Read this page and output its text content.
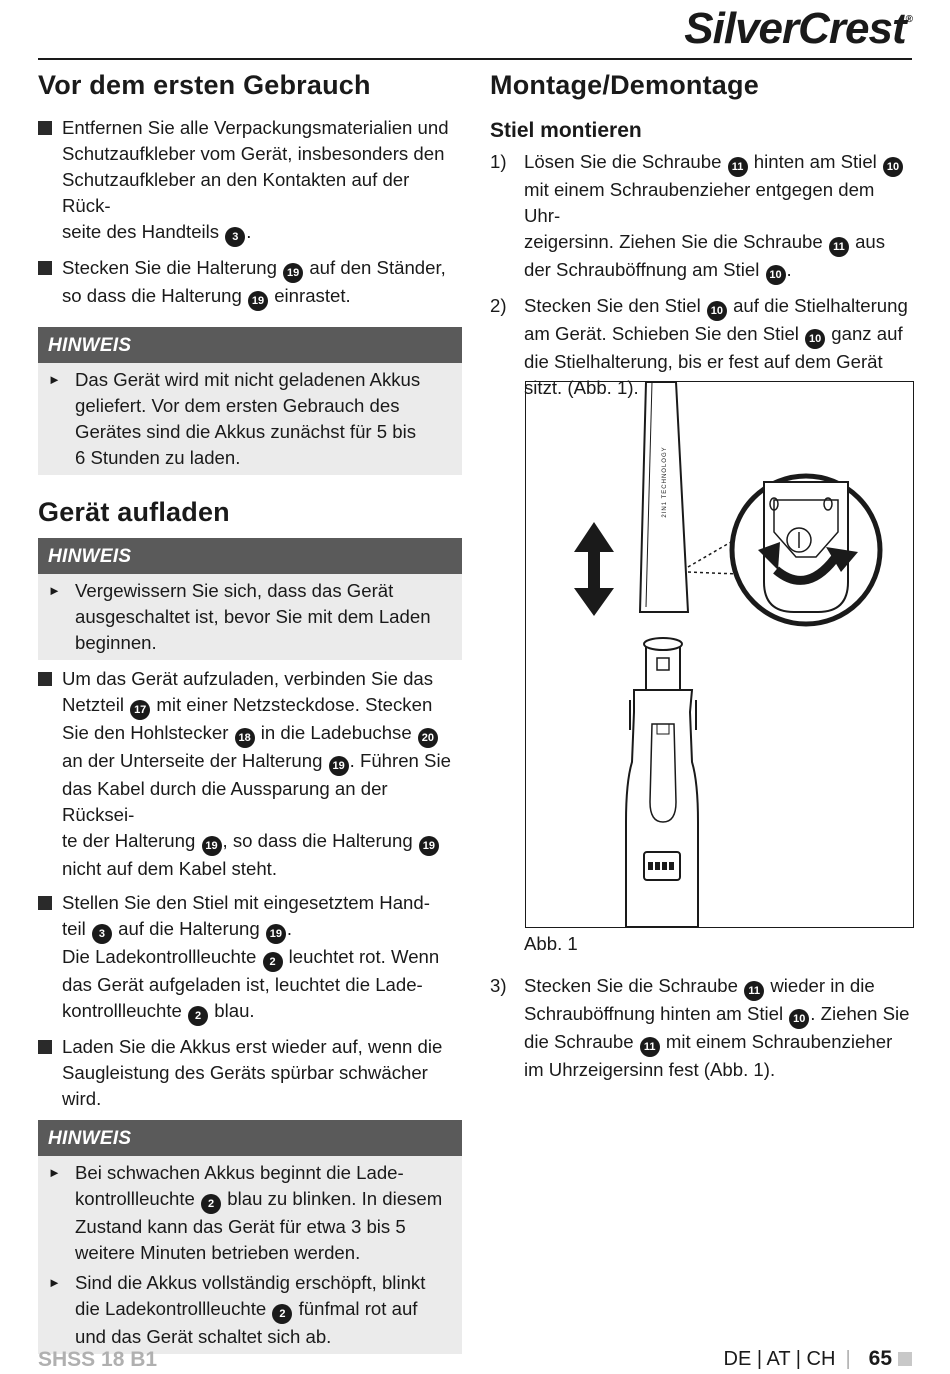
SilverCrest®
Vor dem ersten Gebrauch

Entfernen Sie alle Verpackungsmaterialien und
Schutzaufkleber vom Gerät, insbesonders den
Schutzaufkleber an den Kontakten auf der Rück-
seite des Handteils 3 .

Stecken Sie die Halterung 19 auf den Ständer,
so dass die Halterung 19 einrastet.

HINWEIS

► Das Gerät wird mit nicht geladenen Akkus
geliefert. Vor dem ersten Gebrauch des
Gerätes sind die Akkus zunächst für 5 bis
6 Stunden zu laden.

Gerät aufladen
HINWEIS

► Vergewissern Sie sich, dass das Gerät
ausgeschaltet ist, bevor Sie mit dem Laden
beginnen.

Um das Gerät aufzuladen, verbinden Sie das
Netzteil 17 mit einer Netzsteckdose. Stecken
Sie den Hohlstecker 18 in die Ladebuchse 20
an der Unterseite der Halterung 19 . Führen Sie
das Kabel durch die Aussparung an der Rücksei-
te der Halterung 19 , so dass die Halterung 19
nicht auf dem Kabel steht.

Stellen Sie den Stiel mit eingesetztem Hand-
teil 3 auf die Halterung 19 .
Die Ladekontrollleuchte 2 leuchtet rot. Wenn
das Gerät aufgeladen ist, leuchtet die Lade-
kontrollleuchte 2 blau.

Laden Sie die Akkus erst wieder auf, wenn die
Saugleistung des Geräts spürbar schwächer
wird.

HINWEIS

► Bei schwachen Akkus beginnt die Lade-
kontrollleuchte 2 blau zu blinken. In diesem
Zustand kann das Gerät für etwa 3 bis 5
weitere Minuten betrieben werden.

► Sind die Akkus vollständig erschöpft, blinkt
die Ladekontrollleuchte 2 fünfmal rot auf
und das Gerät schaltet sich ab.

Montage/Demontage
Stiel montieren

1) Lösen Sie die Schraube 11 hinten am Stiel 10
mit einem Schraubenzieher entgegen dem Uhr-
zeigersinn. Ziehen Sie die Schraube 11 aus
der Schrauböffnung am Stiel 10 .

2) Stecken Sie den Stiel 10 auf die Stielhalterung
am Gerät. Schieben Sie den Stiel 10 ganz auf
die Stielhalterung, bis er fest auf dem Gerät
sitzt. (Abb. 1).

2IN1 TECHNOLOGY
Abb. 1

3) Stecken Sie die Schraube 11 wieder in die
Schrauböffnung hinten am Stiel 10 . Ziehen Sie
die Schraube 11 mit einem Schraubenzieher
im Uhrzeigersinn fest (Abb. 1).

SHSS 18 B1	DE | AT | CH | 65
